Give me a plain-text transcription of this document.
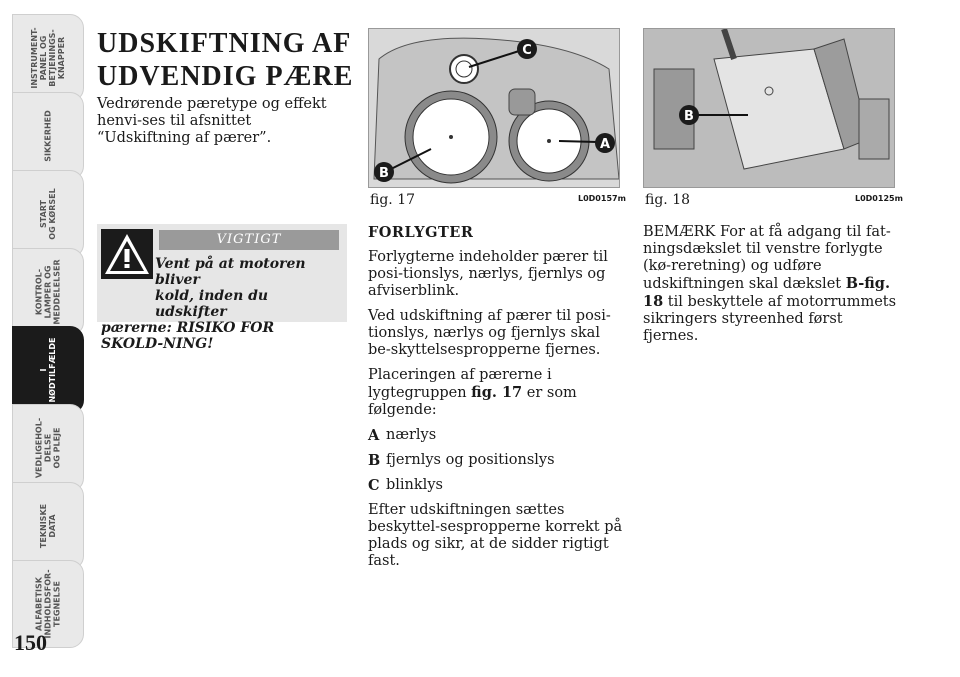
INSTRUMENT-
PANEL OG
BETJENINGS-
KNAPPER
SIKKERHED
START
OG KØRSEL
KONTROL-
LAMPER OG
MEDDELELSER
I
NØDTILFÆLDE
VEDLIGEHOL-
DELSE
OG PLEJE
TEKNISKE
DATA
ALFABETISK
INDHOLDSFOR-
TEGNELSE
150
UDSKIFTNING AF
UDVENDIG PÆRE

Vedrørende pæretype og effekt henvi-ses til afsnittet “Udskiftning af pærer”.

VIGTIGT
Vent på at motoren bliver
kold, inden du udskifter
pærerne: RISIKO FOR SKOLD-NING!
C
A
B
fig. 17	L0D0157m
B
fig. 18	L0D0125m

FORLYGTER

Forlygterne indeholder pærer til posi-tionslys, nærlys, fjernlys og afviserblink.

Ved udskiftning af pærer til posi-tionslys, nærlys og fjernlys skal be-skyttelsespropperne fjernes.

Placeringen af pærerne i lygtegruppen fig. 17 er som følgende:

A nærlys
B fjernlys og positionslys
C blinklys

Efter udskiftningen sættes beskyttel-sespropperne korrekt på plads og sikr, at de sidder rigtigt fast.

BEMÆRK For at få adgang til fat-ningsdækslet til venstre forlygte (kø-reretning) og udføre udskiftningen skal dækslet B-fig. 18 til beskyttele af motorrummets sikringers styreenhed først fjernes.
